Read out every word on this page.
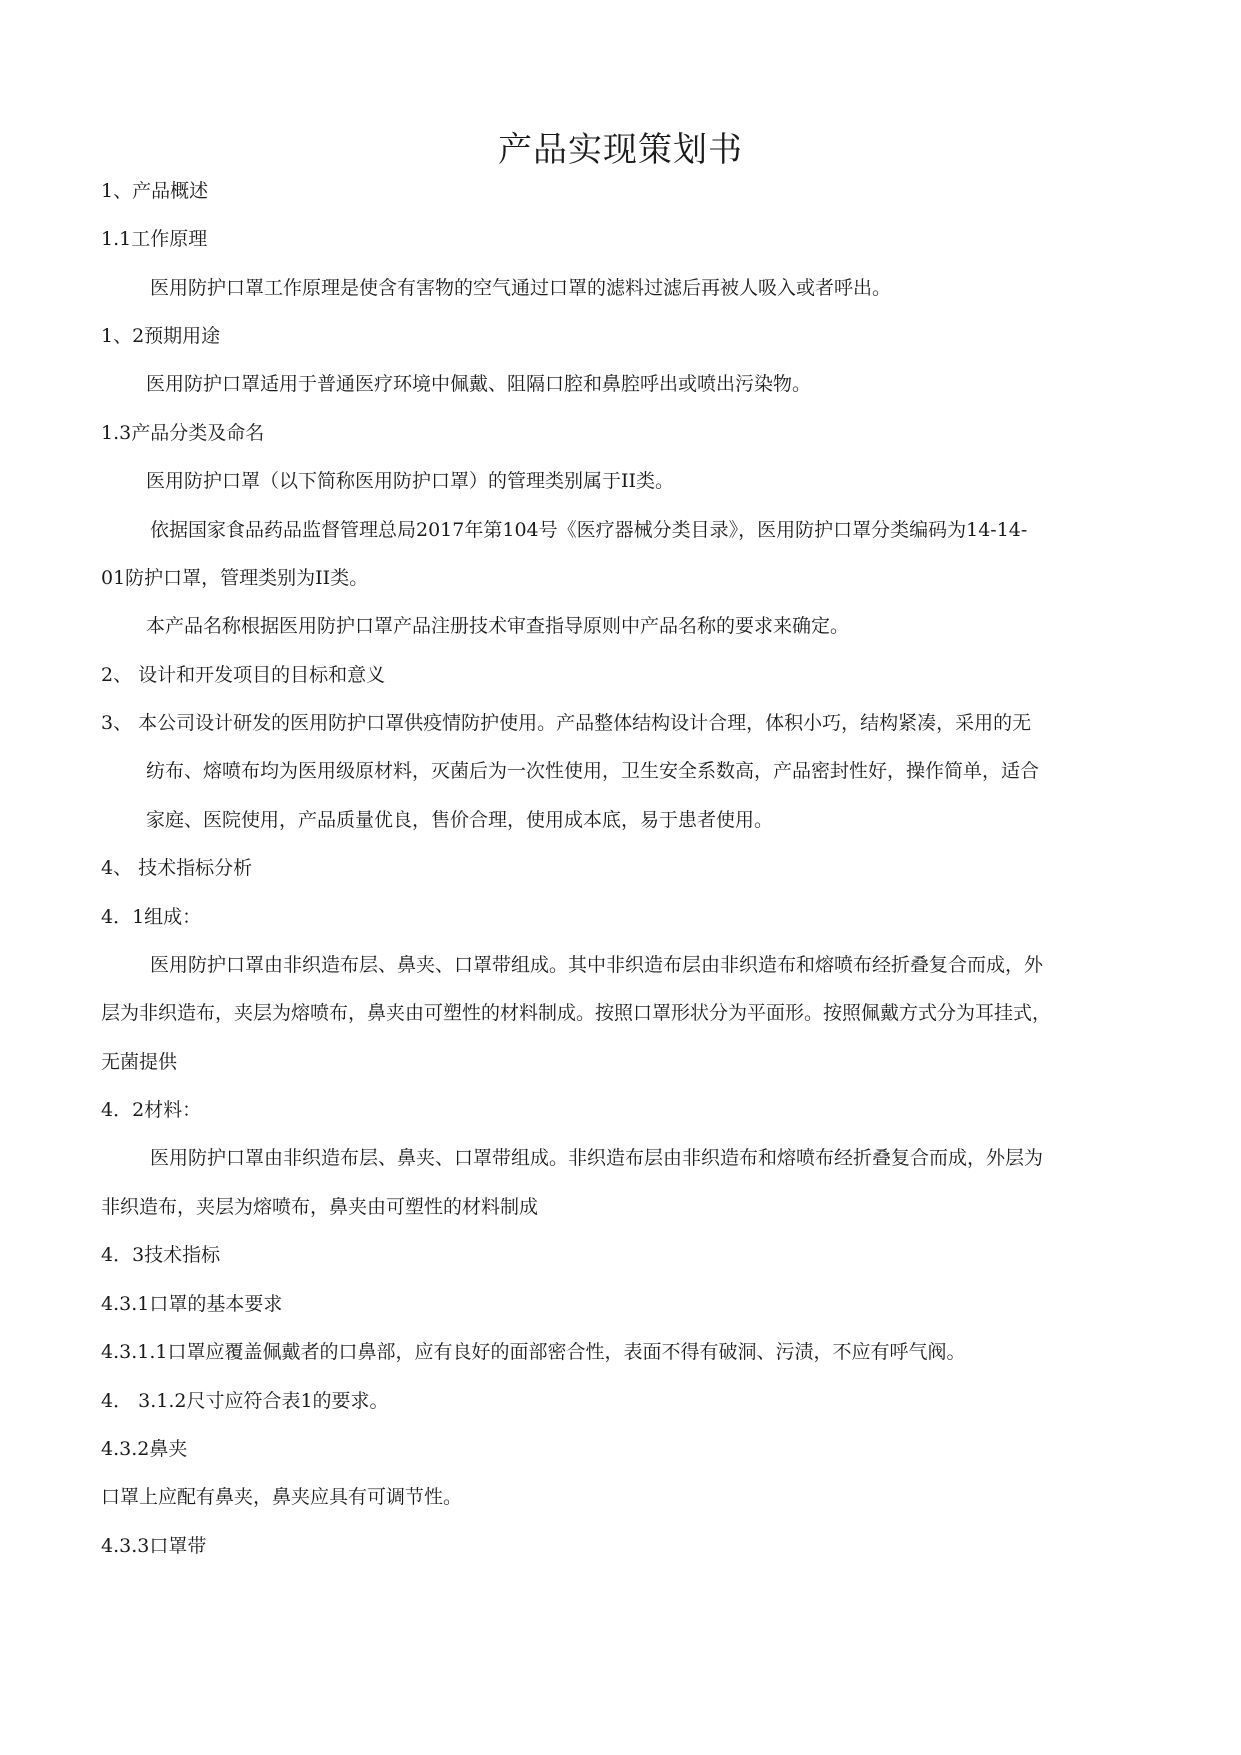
产品实现策划书
1、产品概述
1.1工作原理
医用防护口罩工作原理是使含有害物的空气通过口罩的滤料过滤后再被人吸入或者呼出。
1、2预期用途
医用防护口罩适用于普通医疗环境中佩戴、阻隔口腔和鼻腔呼出或喷出污染物。
1.3产品分类及命名
医用防护口罩（以下简称医用防护口罩）的管理类别属于II类。
依据国家食品药品监督管理总局2017年第104号《医疗器械分类目录》，医用防护口罩分类编码为14-14-
01防护口罩，管理类别为II类。
本产品名称根据医用防护口罩产品注册技术审查指导原则中产品名称的要求来确定。
2、 设计和开发项目的目标和意义
3、 本公司设计研发的医用防护口罩供疫情防护使用。产品整体结构设计合理，体积小巧，结构紧凑，采用的无
纺布、熔喷布均为医用级原材料，灭菌后为一次性使用，卫生安全系数高，产品密封性好，操作简单，适合
家庭、医院使用，产品质量优良，售价合理，使用成本底，易于患者使用。
4、 技术指标分析
4．1组成：
医用防护口罩由非织造布层、鼻夹、口罩带组成。其中非织造布层由非织造布和熔喷布经折叠复合而成，外
层为非织造布，夹层为熔喷布，鼻夹由可塑性的材料制成。按照口罩形状分为平面形。按照佩戴方式分为耳挂式，
无菌提供
4．2材料：
医用防护口罩由非织造布层、鼻夹、口罩带组成。非织造布层由非织造布和熔喷布经折叠复合而成，外层为
非织造布，夹层为熔喷布，鼻夹由可塑性的材料制成
4．3技术指标
4.3.1口罩的基本要求
4.3.1.1口罩应覆盖佩戴者的口鼻部，应有良好的面部密合性，表面不得有破洞、污渍，不应有呼气阀。
4． 3.1.2尺寸应符合表1的要求。
4.3.2鼻夹
口罩上应配有鼻夹，鼻夹应具有可调节性。
4.3.3口罩带
